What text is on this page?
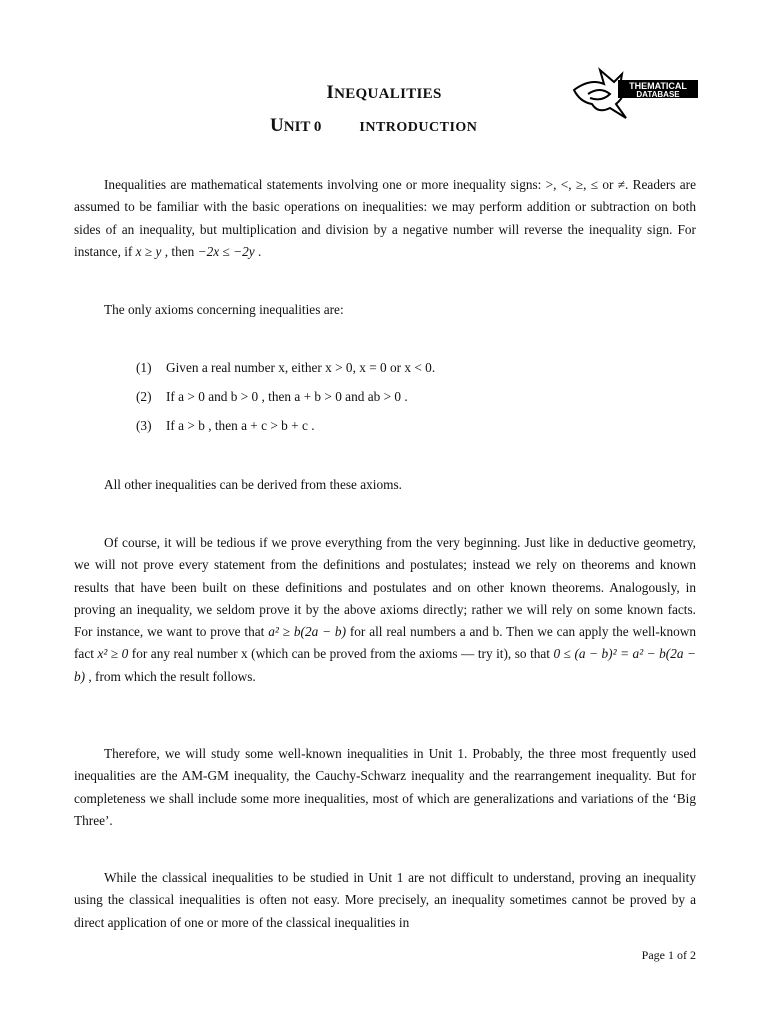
INEQUALITIES
UNIT 0	INTRODUCTION
THEMATICAL
DATABASE
Inequalities are mathematical statements involving one or more inequality signs: >, <, ≥, ≤ or ≠. Readers are assumed to be familiar with the basic operations on inequalities: we may perform addition or subtraction on both sides of an inequality, but multiplication and division by a negative number will reverse the inequality sign. For instance, if x ≥ y , then −2x ≤ −2y .
The only axioms concerning inequalities are:
(1) Given a real number x, either x > 0, x = 0 or x < 0.
(2) If a > 0 and b > 0 , then a + b > 0 and ab > 0 .
(3) If a > b , then a + c > b + c .
All other inequalities can be derived from these axioms.
Of course, it will be tedious if we prove everything from the very beginning. Just like in deductive geometry, we will not prove every statement from the definitions and postulates; instead we rely on theorems and known results that have been built on these definitions and postulates and on other known theorems. Analogously, in proving an inequality, we seldom prove it by the above axioms directly; rather we will rely on some known facts. For instance, we want to prove that a² ≥ b(2a − b) for all real numbers a and b. Then we can apply the well-known fact x² ≥ 0 for any real number x (which can be proved from the axioms — try it), so that 0 ≤ (a − b)² = a² − b(2a − b) , from which the result follows.
Therefore, we will study some well-known inequalities in Unit 1. Probably, the three most frequently used inequalities are the AM-GM inequality, the Cauchy-Schwarz inequality and the rearrangement inequality. But for completeness we shall include some more inequalities, most of which are generalizations and variations of the ‘Big Three’.
While the classical inequalities to be studied in Unit 1 are not difficult to understand, proving an inequality using the classical inequalities is often not easy. More precisely, an inequality sometimes cannot be proved by a direct application of one or more of the classical inequalities in
Page 1 of 2
